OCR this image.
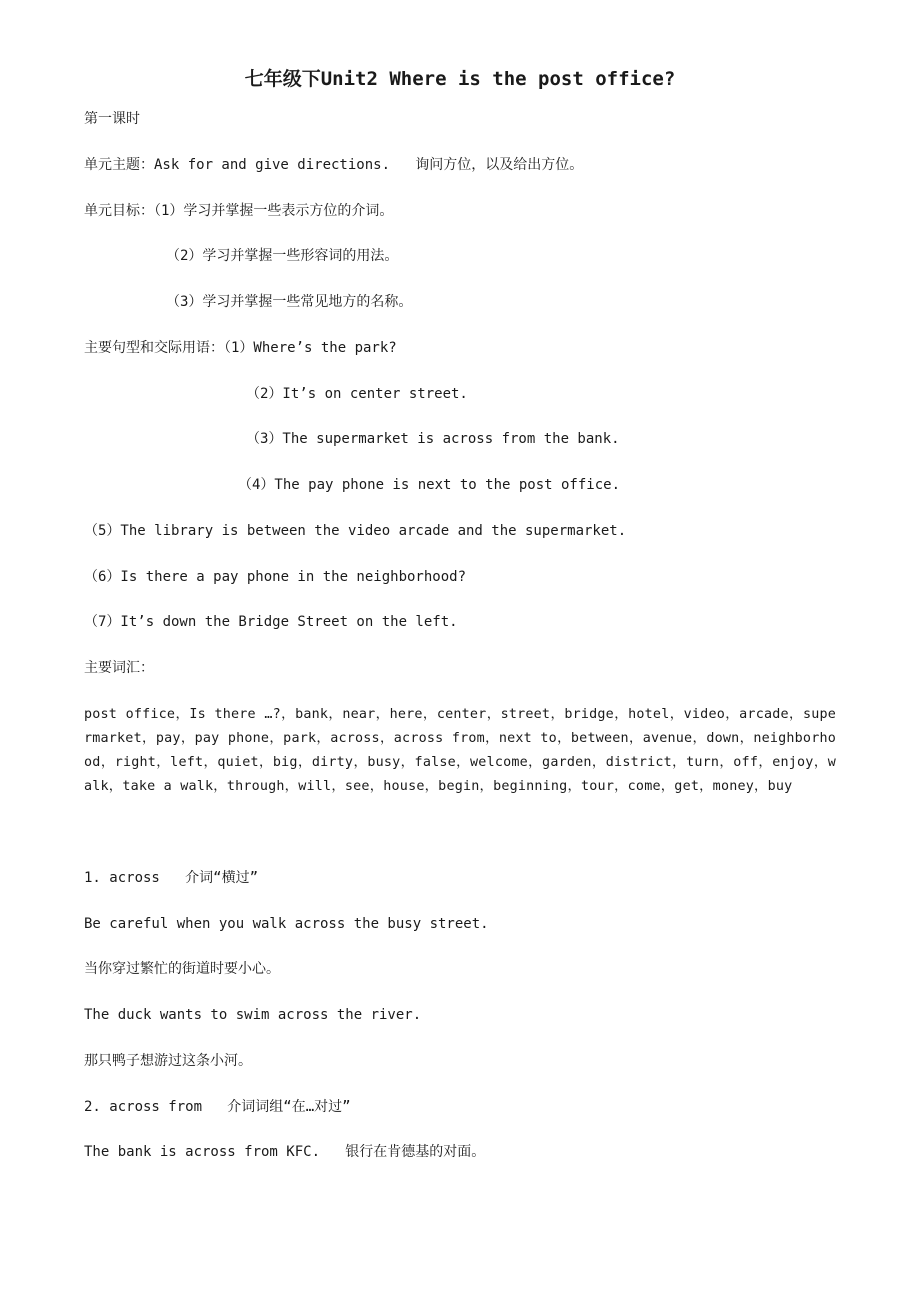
七年级下Unit2 Where is the post office?
第一课时
单元主题：Ask for and give directions.   询问方位，以及给出方位。
单元目标：（1）学习并掌握一些表示方位的介词。
（2）学习并掌握一些形容词的用法。
（3）学习并掌握一些常见地方的名称。
主要句型和交际用语：（1）Where’s the park?
（2）It’s on center street.
（3）The supermarket is across from the bank.
（4）The pay phone is next to the post office.
（5）The library is between the video arcade and the supermarket.
（6）Is there a pay phone in the neighborhood?
（7）It’s down the Bridge Street on the left.
主要词汇：
post office，Is there …?，bank，near，here，center，street，bridge，hotel，video，arcade，supermarket，pay，pay phone，park，across，across from，next to，between，avenue，down，neighborhood，right，left，quiet，big，dirty，busy，false，welcome，garden，district，turn，off，enjoy，walk，take a walk，through，will，see，house，begin，beginning，tour，come，get，money，buy
1. across   介词“横过”
Be careful when you walk across the busy street.
当你穿过繁忙的街道时要小心。
The duck wants to swim across the river.
那只鸭子想游过这条小河。
2. across from   介词词组“在…对过”
The bank is across from KFC.   银行在肯德基的对面。
